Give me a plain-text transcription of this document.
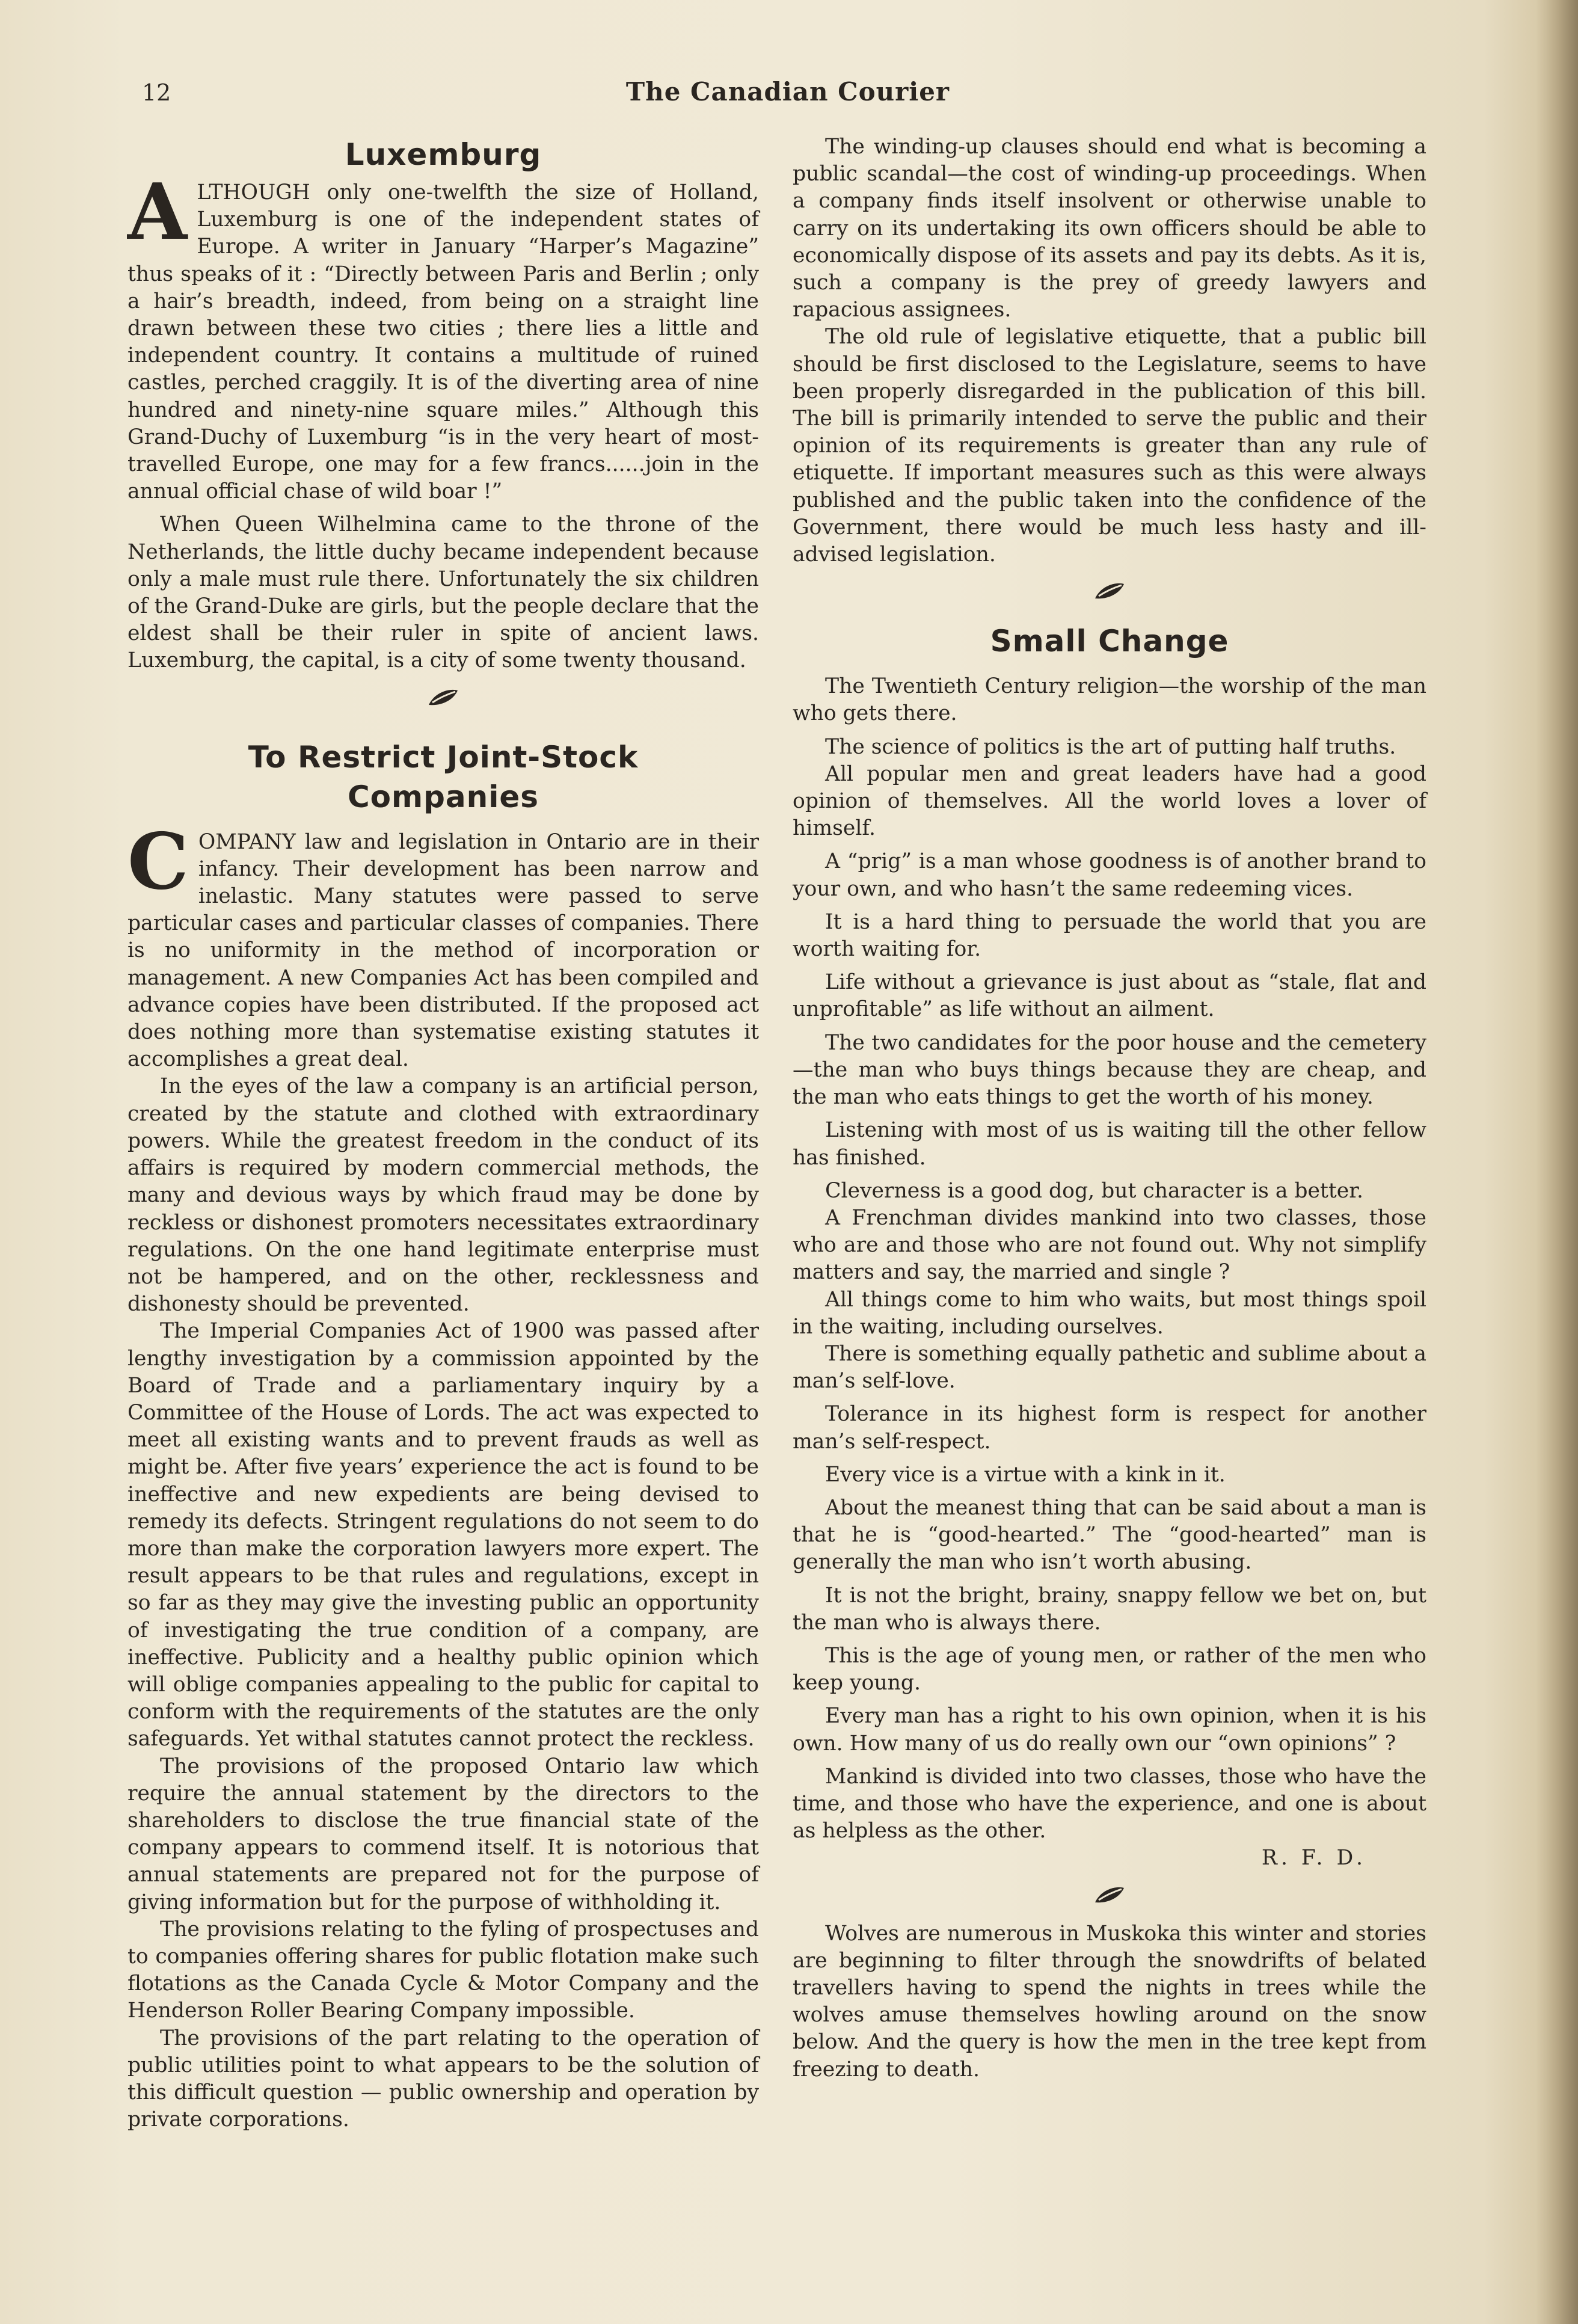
12	The Canadian Courier
Luxemburg

A LTHOUGH only one-twelfth the size of Holland, Luxemburg is one of the independent states of Europe. A writer in January “Harper’s Magazine” thus speaks of it : “Directly between Paris and Berlin ; only a hair’s breadth, indeed, from being on a straight line drawn between these two cities ; there lies a little and independent country. It contains a multitude of ruined castles, perched craggily. It is of the diverting area of nine hundred and ninety-nine square miles.” Although this Grand-Duchy of Luxemburg “is in the very heart of most-travelled Europe, one may for a few francs......join in the annual official chase of wild boar !”

When Queen Wilhelmina came to the throne of the Netherlands, the little duchy became independent because only a male must rule there. Unfortunately the six children of the Grand-Duke are girls, but the people declare that the eldest shall be their ruler in spite of ancient laws. Luxemburg, the capital, is a city of some twenty thousand.

To Restrict Joint-Stock
Companies

C OMPANY law and legislation in Ontario are in their infancy. Their development has been narrow and inelastic. Many statutes were passed to serve particular cases and particular classes of companies. There is no uniformity in the method of incorporation or management. A new Companies Act has been compiled and advance copies have been distributed. If the proposed act does nothing more than systematise existing statutes it accomplishes a great deal.

In the eyes of the law a company is an artificial person, created by the statute and clothed with extraordinary powers. While the greatest freedom in the conduct of its affairs is required by modern commercial methods, the many and devious ways by which fraud may be done by reckless or dishonest promoters necessitates extraordinary regulations. On the one hand legitimate enterprise must not be hampered, and on the other, recklessness and dishonesty should be prevented.

The Imperial Companies Act of 1900 was passed after lengthy investigation by a commission appointed by the Board of Trade and a parliamentary inquiry by a Committee of the House of Lords. The act was expected to meet all existing wants and to prevent frauds as well as might be. After five years’ experience the act is found to be ineffective and new expedients are being devised to remedy its defects. Stringent regulations do not seem to do more than make the corporation lawyers more expert. The result appears to be that rules and regulations, except in so far as they may give the investing public an opportunity of investigating the true condition of a company, are ineffective. Publicity and a healthy public opinion which will oblige companies appealing to the public for capital to conform with the requirements of the statutes are the only safeguards. Yet withal statutes cannot protect the reckless.

The provisions of the proposed Ontario law which require the annual statement by the directors to the shareholders to disclose the true financial state of the company appears to commend itself. It is notorious that annual statements are prepared not for the purpose of giving information but for the purpose of withholding it.

The provisions relating to the fyling of prospectuses and to companies offering shares for public flotation make such flotations as the Canada Cycle & Motor Company and the Henderson Roller Bearing Company impossible.

The provisions of the part relating to the operation of public utilities point to what appears to be the solution of this difficult question — public ownership and operation by private corporations.

The winding-up clauses should end what is becoming a public scandal—the cost of winding-up proceedings. When a company finds itself insolvent or otherwise unable to carry on its undertaking its own officers should be able to economically dispose of its assets and pay its debts. As it is, such a company is the prey of greedy lawyers and rapacious assignees.

The old rule of legislative etiquette, that a public bill should be first disclosed to the Legislature, seems to have been properly disregarded in the publication of this bill. The bill is primarily intended to serve the public and their opinion of its requirements is greater than any rule of etiquette. If important measures such as this were always published and the public taken into the confidence of the Government, there would be much less hasty and ill-advised legislation.

Small Change

The Twentieth Century religion—the worship of the man who gets there.

The science of politics is the art of putting half truths.

All popular men and great leaders have had a good opinion of themselves. All the world loves a lover of himself.

A “prig” is a man whose goodness is of another brand to your own, and who hasn’t the same redeeming vices.

It is a hard thing to persuade the world that you are worth waiting for.

Life without a grievance is just about as “stale, flat and unprofitable” as life without an ailment.

The two candidates for the poor house and the cemetery—the man who buys things because they are cheap, and the man who eats things to get the worth of his money.

Listening with most of us is waiting till the other fellow has finished.

Cleverness is a good dog, but character is a better.

A Frenchman divides mankind into two classes, those who are and those who are not found out. Why not simplify matters and say, the married and single ?

All things come to him who waits, but most things spoil in the waiting, including ourselves.

There is something equally pathetic and sublime about a man’s self-love.

Tolerance in its highest form is respect for another man’s self-respect.

Every vice is a virtue with a kink in it.

About the meanest thing that can be said about a man is that he is “good-hearted.” The “good-hearted” man is generally the man who isn’t worth abusing.

It is not the bright, brainy, snappy fellow we bet on, but the man who is always there.

This is the age of young men, or rather of the men who keep young.

Every man has a right to his own opinion, when it is his own. How many of us do really own our “own opinions” ?

Mankind is divided into two classes, those who have the time, and those who have the experience, and one is about as helpless as the other.

R. F. D.

Wolves are numerous in Muskoka this winter and stories are beginning to filter through the snowdrifts of belated travellers having to spend the nights in trees while the wolves amuse themselves howling around on the snow below. And the query is how the men in the tree kept from freezing to death.
